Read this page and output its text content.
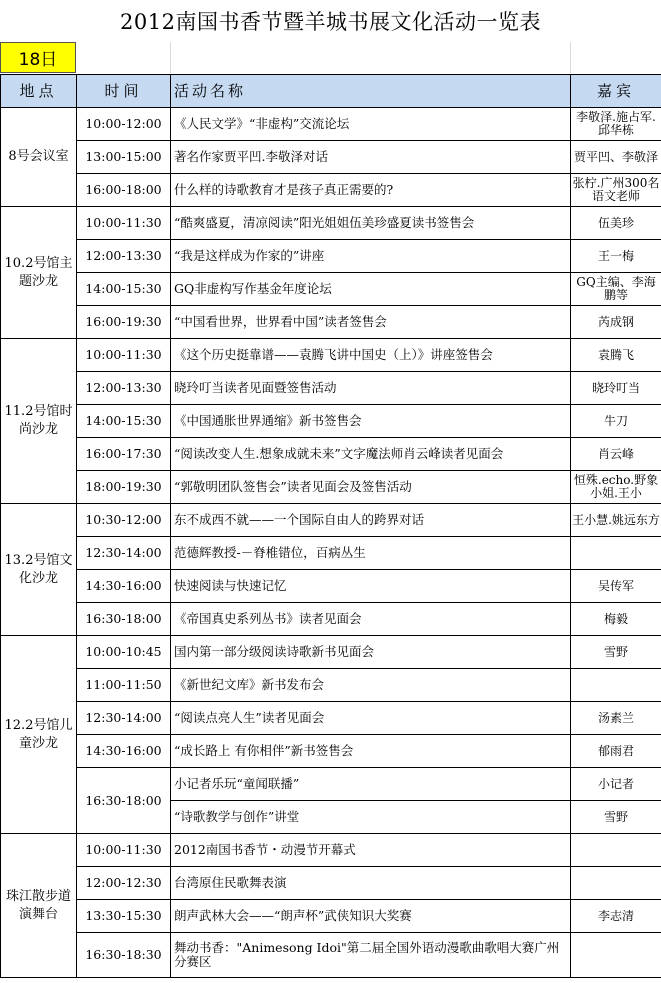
2012南国书香节暨羊城书展文化活动一览表
18日
地点	时间	活动名称	嘉宾
8号会议室	10:00-12:00	《人民文学》“非虚构”交流论坛	李敬泽.施占军.邱华栋
	13:00-15:00	著名作家贾平凹.李敬泽对话	贾平凹、李敬泽
	16:00-18:00	什么样的诗歌教育才是孩子真正需要的?	张柠.广州300名语文老师
10.2号馆主题沙龙	10:00-11:30	“酷爽盛夏，清凉阅读”阳光姐姐伍美珍盛夏读书签售会	伍美珍
	12:00-13:30	“我是这样成为作家的”讲座	王一梅
	14:00-15:30	GQ非虚构写作基金年度论坛	GQ主编、李海鹏等
	16:00-19:30	“中国看世界，世界看中国”读者签售会	芮成钢
11.2号馆时尚沙龙	10:00-11:30	《这个历史挺靠谱——袁腾飞讲中国史（上）》讲座签售会	袁腾飞
	12:00-13:30	晓玲叮当读者见面暨签售活动	晓玲叮当
	14:00-15:30	《中国通胀世界通缩》新书签售会	牛刀
	16:00-17:30	“阅读改变人生.想象成就未来”文字魔法师肖云峰读者见面会	肖云峰
	18:00-19:30	“郭敬明团队签售会”读者见面会及签售活动	恒殊.echo.野象小姐.王小
13.2号馆文化沙龙	10:30-12:00	东不成西不就——一个国际自由人的跨界对话	王小慧.姚远东方
	12:30-14:00	范德辉教授-－脊椎错位，百病丛生	
	14:30-16:00	快速阅读与快速记忆	吴传军
	16:30-18:00	《帝国真史系列丛书》读者见面会	梅毅
12.2号馆儿童沙龙	10:00-10:45	国内第一部分级阅读诗歌新书见面会	雪野
	11:00-11:50	《新世纪文库》新书发布会	
	12:30-14:00	“阅读点亮人生”读者见面会	汤素兰
	14:30-16:00	“成长路上 有你相伴”新书签售会	郁雨君
	16:30-18:00	小记者乐玩“童闻联播”	小记者
		“诗歌教学与创作”讲堂	雪野
珠江散步道演舞台	10:00-11:30	2012南国书香节・动漫节开幕式	
	12:00-12:30	台湾原住民歌舞表演	
	13:30-15:30	朗声武林大会——“朗声杯”武侠知识大奖赛	李志清
	16:30-18:30	舞动书香："Animesong Idoi"第二届全国外语动漫歌曲歌唱大赛广州分赛区	
